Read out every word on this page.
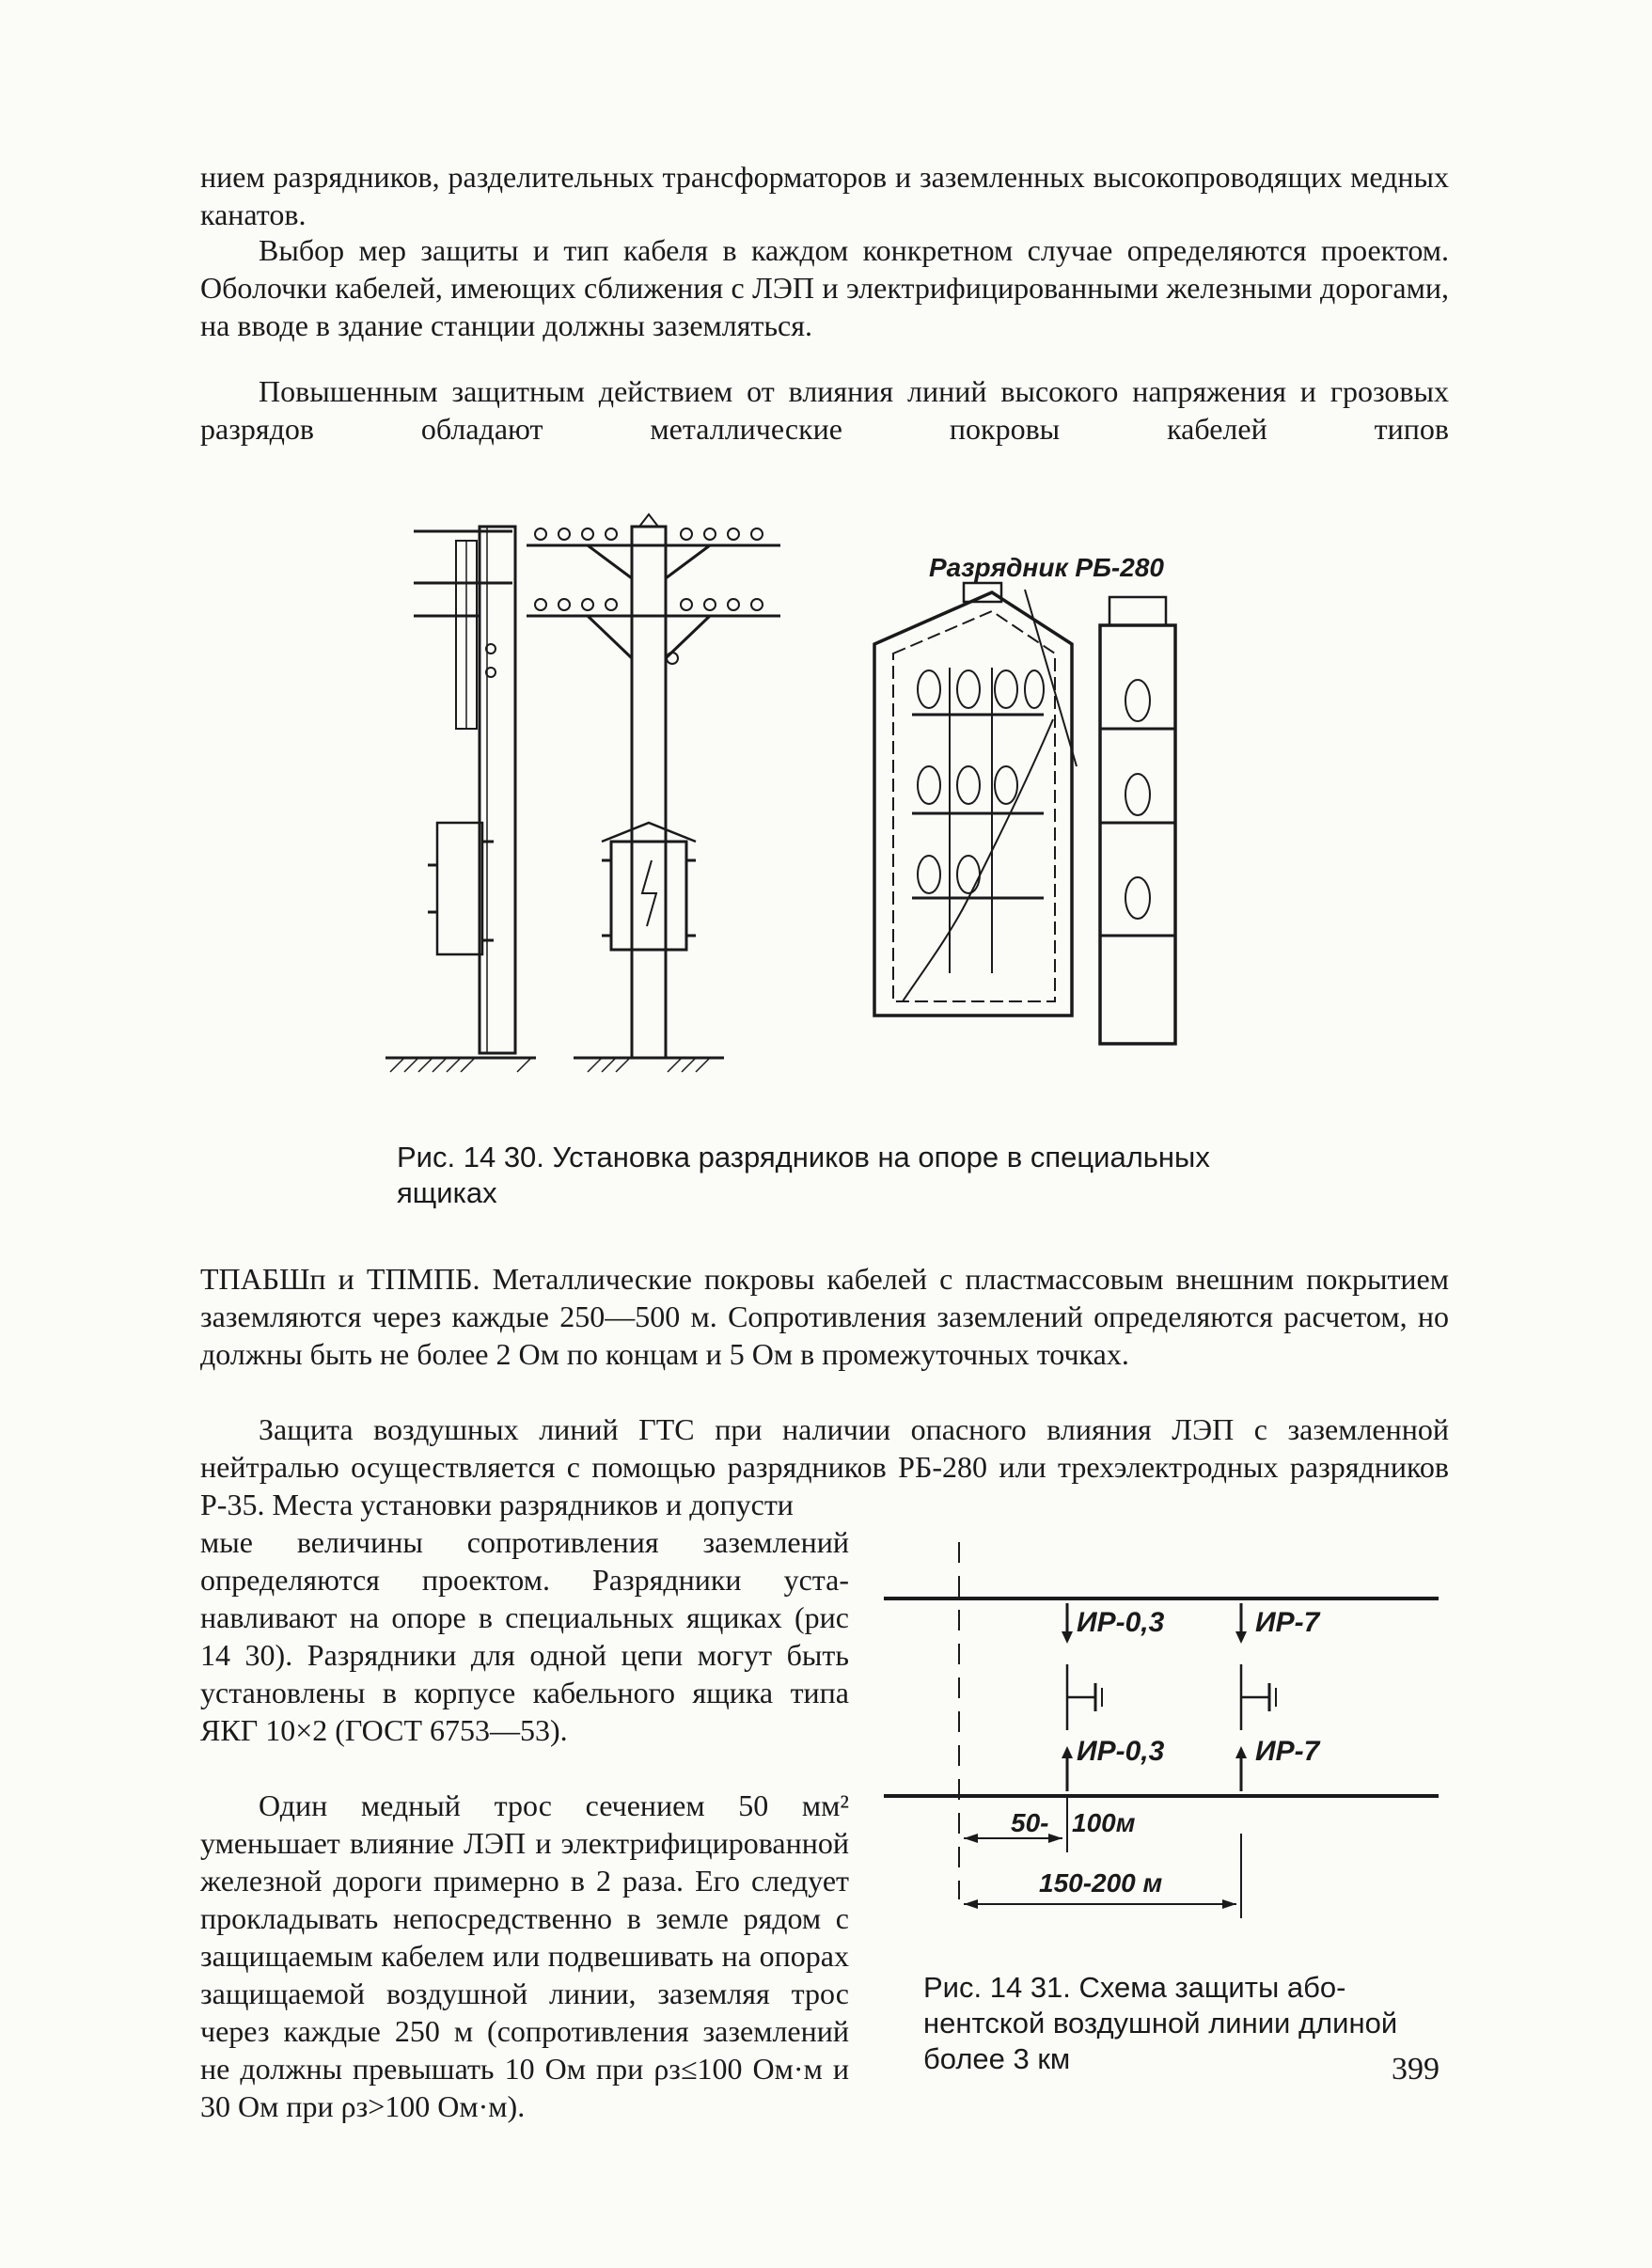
нием разрядников, разделительных трансформаторов и заземленных высокопроводящих медных канатов.

Выбор мер защиты и тип кабеля в каждом конкретном случае определяются проектом. Оболочки кабелей, имеющих сближения с ЛЭП и электрифицированными железными дорогами, на вводе в здание станции должны заземляться.

Повышенным защитным действием от влияния линий высокого напряжения и грозовых разрядов обладают металлические покровы кабелей типов

Разрядник РБ-280

Рис. 14 30. Установка разрядников на опоре в специальных ящиках

ТПАБШп и ТПМПБ. Металлические покровы кабелей с пластмассовым внешним покрытием заземляются через каждые 250—500 м. Сопротивления заземлений определяются расчетом, но должны быть не более 2 Ом по концам и 5 Ом в промежуточных точках.

Защита воздушных линий ГТС при наличии опасного влияния ЛЭП с заземленной нейтралью осуществляется с помощью разрядников РБ-280 или трехэлектродных разрядников Р-35. Места установки разрядников и допусти

мые величины сопротивления заземлений определяются проектом. Разрядники устанавливают на опоре в специальных ящиках (рис 14 30). Разрядники для одной цепи могут быть установлены в корпусе кабельного ящика типа ЯКГ 10×2 (ГОСТ 6753—53).

Один медный трос сечением 50 мм² уменьшает влияние ЛЭП и электрифицированной железной дороги примерно в 2 раза. Его следует прокладывать непосредственно в земле рядом с защищаемым кабелем или подвешивать на опорах защищаемой воздушной линии, заземляя трос через каждые 250 м (сопротивления заземлений не должны превышать 10 Ом при ρз≤100 Ом·м и 30 Ом при ρз>100 Ом·м).

ИР-0,3	ИР-7
ИР-0,3	ИР-7
50- 100м
150-200 м

Рис. 14 31. Схема защиты абонентской воздушной линии длиной более 3 км	399
